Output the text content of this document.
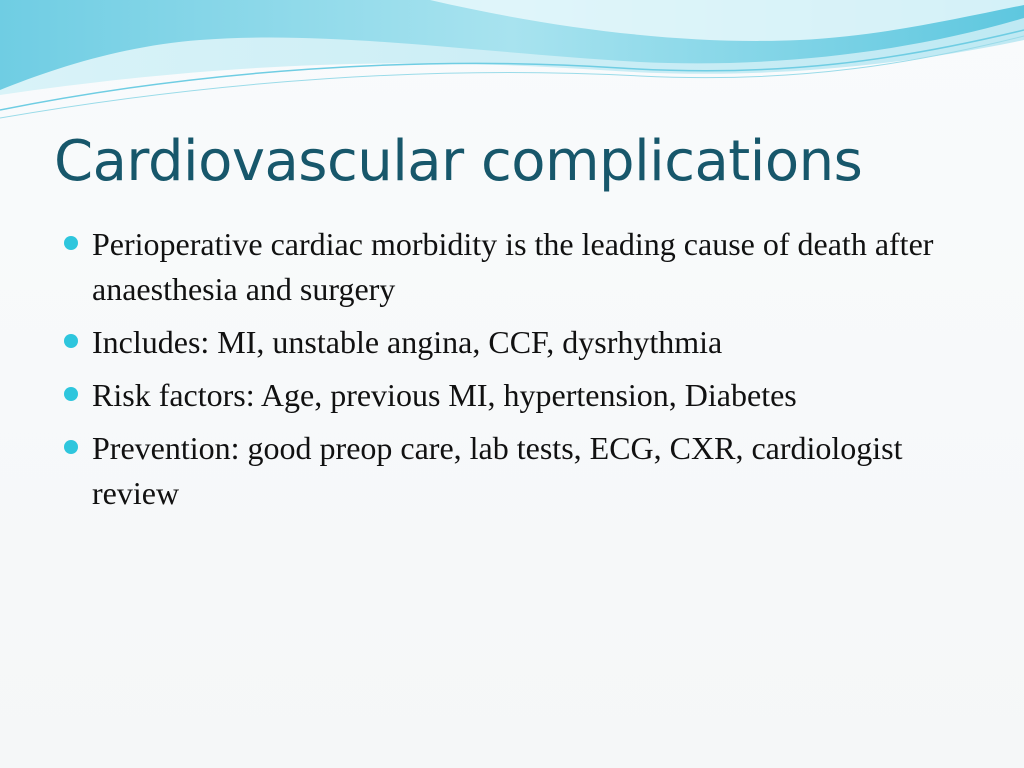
Cardiovascular complications
Perioperative cardiac morbidity is the leading cause of death after anaesthesia and surgery
Includes: MI, unstable angina, CCF, dysrhythmia
Risk factors: Age, previous MI, hypertension, Diabetes
Prevention: good preop care, lab tests, ECG, CXR, cardiologist review
